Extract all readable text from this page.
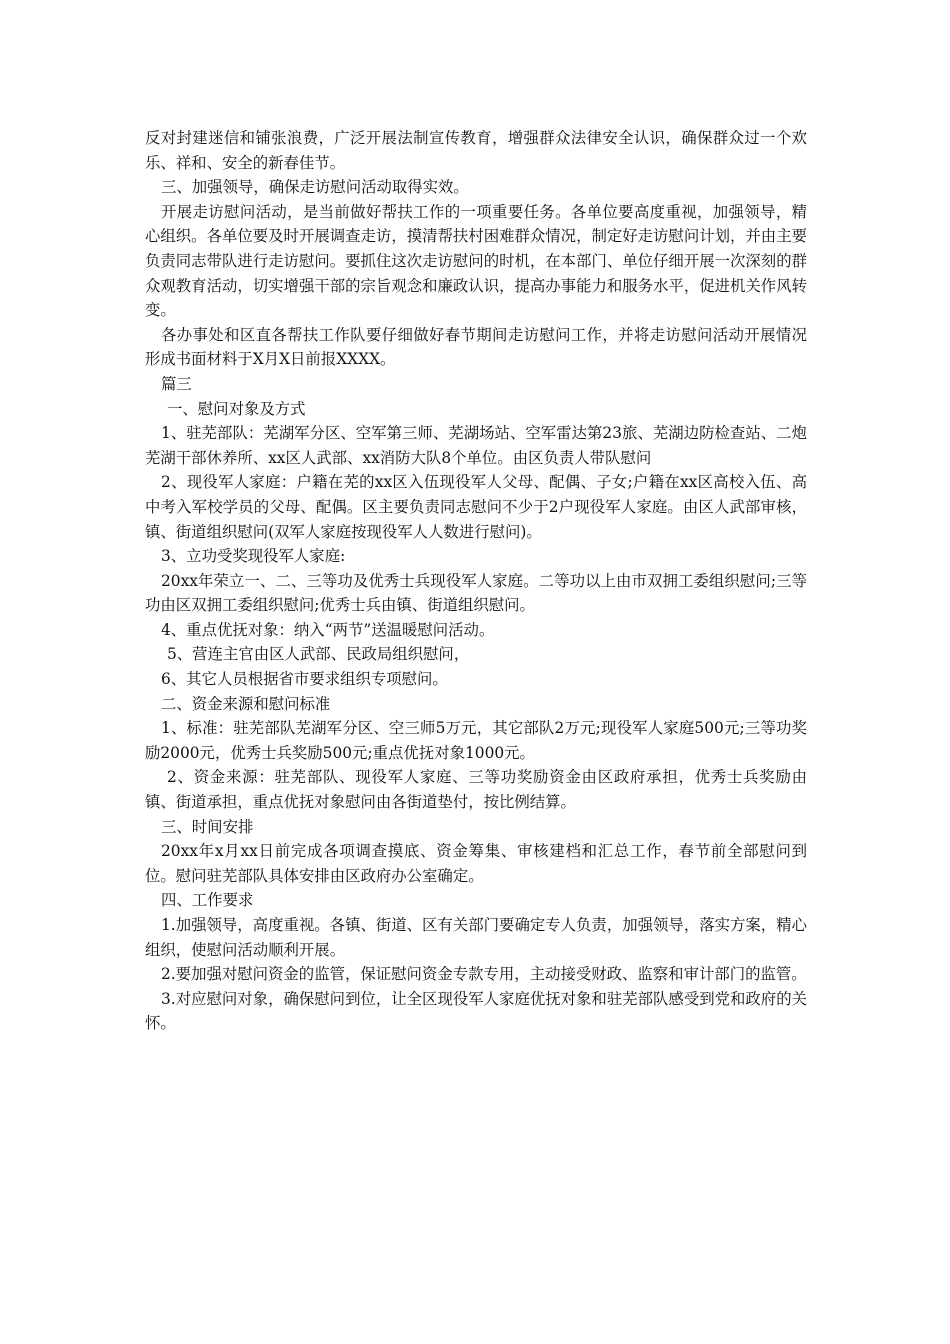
反对封建迷信和铺张浪费，广泛开展法制宣传教育，增强群众法律安全认识，确保群众过一个欢乐、祥和、安全的新春佳节。

三、加强领导，确保走访慰问活动取得实效。

开展走访慰问活动，是当前做好帮扶工作的一项重要任务。各单位要高度重视，加强领导，精心组织。各单位要及时开展调查走访，摸清帮扶村困难群众情况，制定好走访慰问计划，并由主要负责同志带队进行走访慰问。要抓住这次走访慰问的时机，在本部门、单位仔细开展一次深刻的群众观教育活动，切实增强干部的宗旨观念和廉政认识，提高办事能力和服务水平，促进机关作风转变。

各办事处和区直各帮扶工作队要仔细做好春节期间走访慰问工作，并将走访慰问活动开展情况形成书面材料于X月X日前报XXXX。

篇三

一、慰问对象及方式

1、驻芜部队：芜湖军分区、空军第三师、芜湖场站、空军雷达第23旅、芜湖边防检查站、二炮芜湖干部休养所、xx区人武部、xx消防大队8个单位。由区负责人带队慰问

2、现役军人家庭：户籍在芜的xx区入伍现役军人父母、配偶、子女;户籍在xx区高校入伍、高中考入军校学员的父母、配偶。区主要负责同志慰问不少于2户现役军人家庭。由区人武部审核，镇、街道组织慰问(双军人家庭按现役军人人数进行慰问)。

3、立功受奖现役军人家庭:

20xx年荣立一、二、三等功及优秀士兵现役军人家庭。二等功以上由市双拥工委组织慰问;三等功由区双拥工委组织慰问;优秀士兵由镇、街道组织慰问。

4、重点优抚对象：纳入“两节”送温暖慰问活动。

5、营连主官由区人武部、民政局组织慰问，

6、其它人员根据省市要求组织专项慰问。

二、资金来源和慰问标准

1、标准：驻芜部队芜湖军分区、空三师5万元，其它部队2万元;现役军人家庭500元;三等功奖励2000元，优秀士兵奖励500元;重点优抚对象1000元。

2、资金来源：驻芜部队、现役军人家庭、三等功奖励资金由区政府承担，优秀士兵奖励由镇、街道承担，重点优抚对象慰问由各街道垫付，按比例结算。

三、时间安排

20xx年x月xx日前完成各项调查摸底、资金筹集、审核建档和汇总工作，春节前全部慰问到位。慰问驻芜部队具体安排由区政府办公室确定。

四、工作要求

1.加强领导，高度重视。各镇、街道、区有关部门要确定专人负责，加强领导，落实方案，精心组织，使慰问活动顺利开展。

2.要加强对慰问资金的监管，保证慰问资金专款专用，主动接受财政、监察和审计部门的监管。

3.对应慰问对象，确保慰问到位，让全区现役军人家庭优抚对象和驻芜部队感受到党和政府的关怀。
